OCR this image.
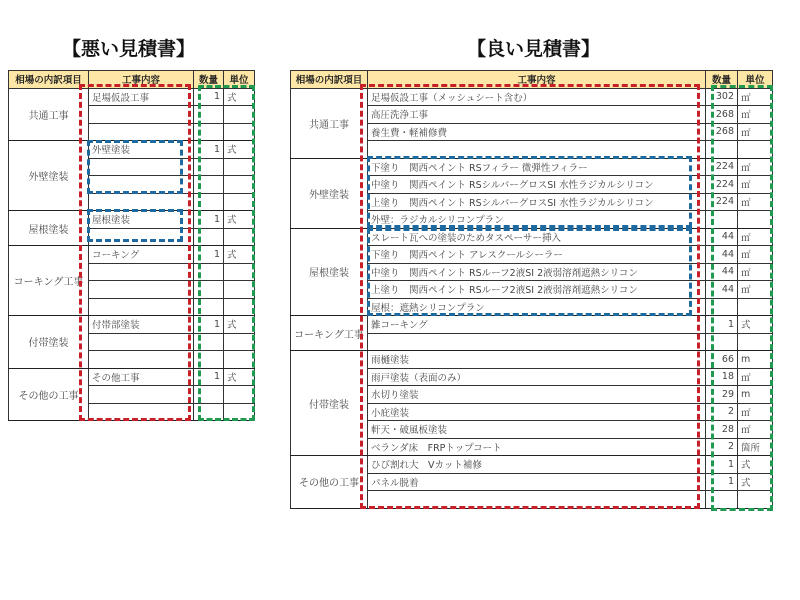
【悪い見積書】	【良い見積書】
相場の内訳項目	工事内容	数量	単位
共通工事	足場仮設工事	1	式

外壁塗装	外壁塗装	1	式

屋根塗装	屋根塗装	1	式

コーキング工事	コーキング	1	式

付帯塗装	付帯部塗装	1	式

その他の工事	その他工事	1	式

相場の内訳項目	工事内容	数量	単位
共通工事	足場仮設工事（メッシュシート含む）	302	㎡
	高圧洗浄工事	268	㎡
	養生費・軽補修費	268	㎡

外壁塗装	下塗り　関西ペイント RSフィラー 微弾性フィラー	224	㎡
	中塗り　関西ペイント RSシルバーグロスSI 水性ラジカルシリコン	224	㎡
	上塗り　関西ペイント RSシルバーグロスSI 水性ラジカルシリコン	224	㎡
	外壁：ラジカルシリコンプラン		
屋根塗装	スレート瓦への塗装のためタスペーサー挿入	44	㎡
	下塗り　関西ペイント アレスクールシーラー	44	㎡
	中塗り　関西ペイント RSルーフ2液SI 2液弱溶剤遮熱シリコン	44	㎡
	上塗り　関西ペイント RSルーフ2液SI 2液弱溶剤遮熱シリコン	44	㎡
	屋根：遮熱シリコンプラン		
コーキング工事	雑コーキング	1	式

付帯塗装	雨樋塗装	66	m
	雨戸塗装（表面のみ）	18	㎡
	水切り塗装	29	m
	小庇塗装	2	㎡
	軒天・破風板塗装	28	㎡
	ベランダ床　FRPトップコート	2	箇所
その他の工事	ひび割れ大　Vカット補修	1	式
	パネル脱着	1	式
